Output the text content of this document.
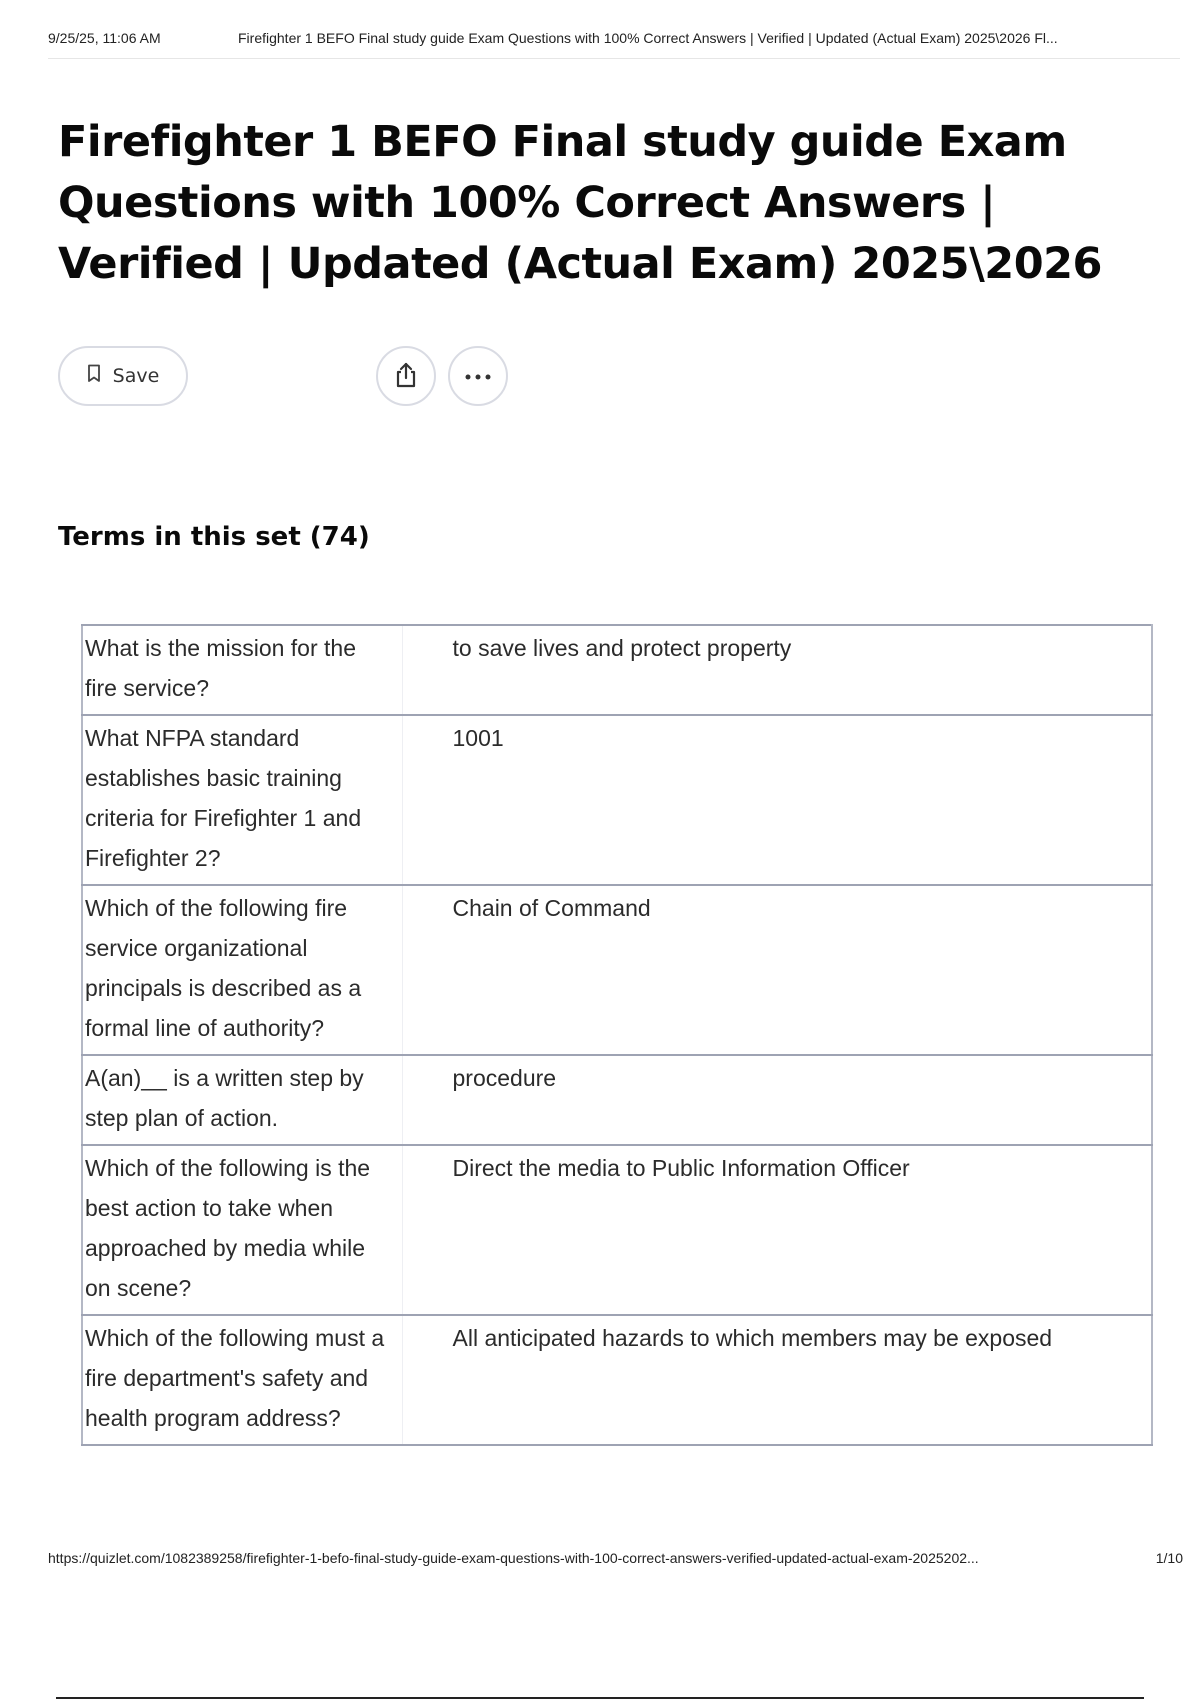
9/25/25, 11:06 AM	Firefighter 1 BEFO Final study guide Exam Questions with 100% Correct Answers | Verified | Updated (Actual Exam) 2025\2026 Fl...
Firefighter 1 BEFO Final study guide Exam Questions with 100% Correct Answers | Verified | Updated (Actual Exam) 2025\2026
Save
Terms in this set (74)
What is the mission for the fire service?	to save lives and protect property
What NFPA standard establishes basic training criteria for Firefighter 1 and Firefighter 2?	1001
Which of the following fire service organizational principals is described as a formal line of authority?	Chain of Command
A(an)__ is a written step by step plan of action.	procedure
Which of the following is the best action to take when approached by media while on scene?	Direct the media to Public Information Officer
Which of the following must a fire department's safety and health program address?	All anticipated hazards to which members may be exposed
https://quizlet.com/1082389258/firefighter-1-befo-final-study-guide-exam-questions-with-100-correct-answers-verified-updated-actual-exam-2025202...	1/10
